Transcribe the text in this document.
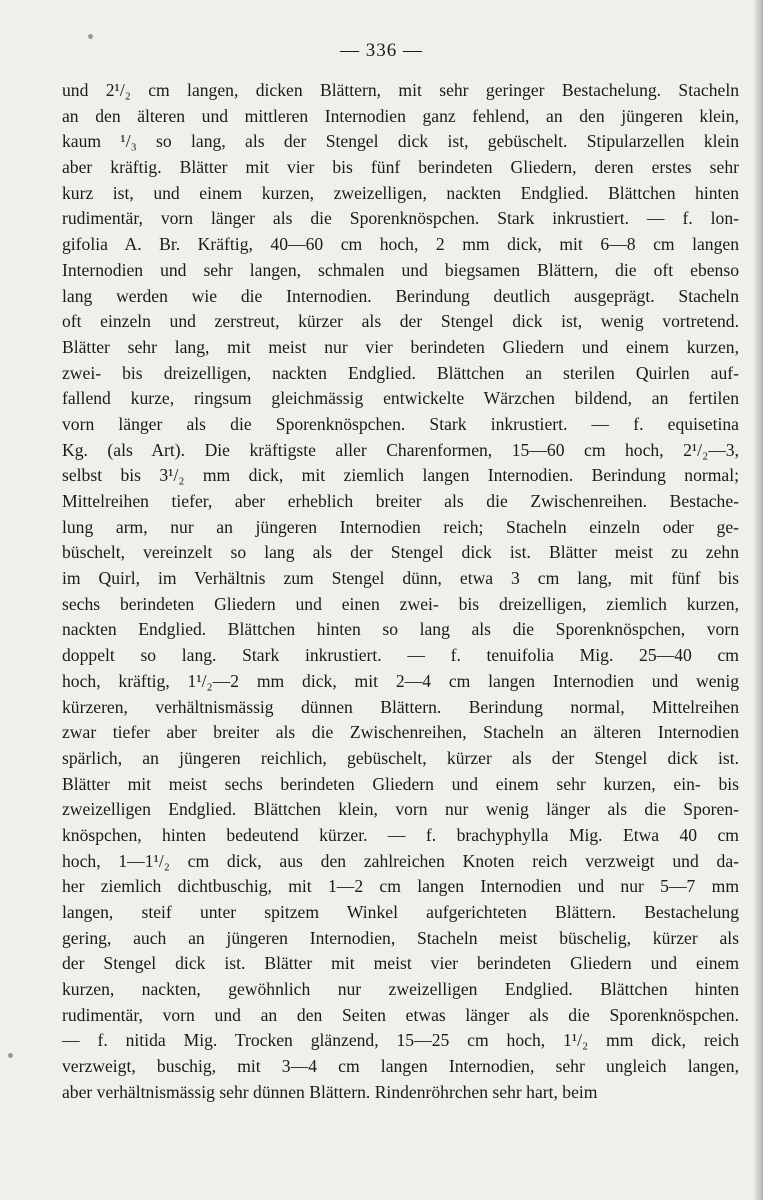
— 336 —
und 2¹/₂ cm langen, dicken Blättern, mit sehr geringer Bestachelung. Stacheln
an den älteren und mittleren Internodien ganz fehlend, an den jüngeren klein,
kaum ¹/₃ so lang, als der Stengel dick ist, gebüschelt. Stipularzellen klein
aber kräftig. Blätter mit vier bis fünf berindeten Gliedern, deren erstes sehr
kurz ist, und einem kurzen, zweizelligen, nackten Endglied. Blättchen hinten
rudimentär, vorn länger als die Sporenknöspchen. Stark inkrustiert. — f. lon-
gifolia A. Br. Kräftig, 40—60 cm hoch, 2 mm dick, mit 6—8 cm langen
Internodien und sehr langen, schmalen und biegsamen Blättern, die oft ebenso
lang werden wie die Internodien. Berindung deutlich ausgeprägt. Stacheln
oft einzeln und zerstreut, kürzer als der Stengel dick ist, wenig vortretend.
Blätter sehr lang, mit meist nur vier berindeten Gliedern und einem kurzen,
zwei- bis dreizelligen, nackten Endglied. Blättchen an sterilen Quirlen auf-
fallend kurze, ringsum gleichmässig entwickelte Wärzchen bildend, an fertilen
vorn länger als die Sporenknöspchen. Stark inkrustiert. — f. equisetina
Kg. (als Art). Die kräftigste aller Charenformen, 15—60 cm hoch, 2¹/₂—3,
selbst bis 3¹/₂ mm dick, mit ziemlich langen Internodien. Berindung normal;
Mittelreihen tiefer, aber erheblich breiter als die Zwischenreihen. Bestache-
lung arm, nur an jüngeren Internodien reich; Stacheln einzeln oder ge-
büschelt, vereinzelt so lang als der Stengel dick ist. Blätter meist zu zehn
im Quirl, im Verhältnis zum Stengel dünn, etwa 3 cm lang, mit fünf bis
sechs berindeten Gliedern und einen zwei- bis dreizelligen, ziemlich kurzen,
nackten Endglied. Blättchen hinten so lang als die Sporenknöspchen, vorn
doppelt so lang. Stark inkrustiert. — f. tenuifolia Mig. 25—40 cm
hoch, kräftig, 1¹/₂—2 mm dick, mit 2—4 cm langen Internodien und wenig
kürzeren, verhältnismässig dünnen Blättern. Berindung normal, Mittelreihen
zwar tiefer aber breiter als die Zwischenreihen, Stacheln an älteren Internodien
spärlich, an jüngeren reichlich, gebüschelt, kürzer als der Stengel dick ist.
Blätter mit meist sechs berindeten Gliedern und einem sehr kurzen, ein- bis
zweizelligen Endglied. Blättchen klein, vorn nur wenig länger als die Sporen-
knöspchen, hinten bedeutend kürzer. — f. brachyphylla Mig. Etwa 40 cm
hoch, 1—1¹/₂ cm dick, aus den zahlreichen Knoten reich verzweigt und da-
her ziemlich dichtbuschig, mit 1—2 cm langen Internodien und nur 5—7 mm
langen, steif unter spitzem Winkel aufgerichteten Blättern. Bestachelung
gering, auch an jüngeren Internodien, Stacheln meist büschelig, kürzer als
der Stengel dick ist. Blätter mit meist vier berindeten Gliedern und einem
kurzen, nackten, gewöhnlich nur zweizelligen Endglied. Blättchen hinten
rudimentär, vorn und an den Seiten etwas länger als die Sporenknöspchen.
— f. nitida Mig. Trocken glänzend, 15—25 cm hoch, 1¹/₂ mm dick, reich
verzweigt, buschig, mit 3—4 cm langen Internodien, sehr ungleich langen,
aber verhältnismässig sehr dünnen Blättern. Rindenröhrchen sehr hart, beim
